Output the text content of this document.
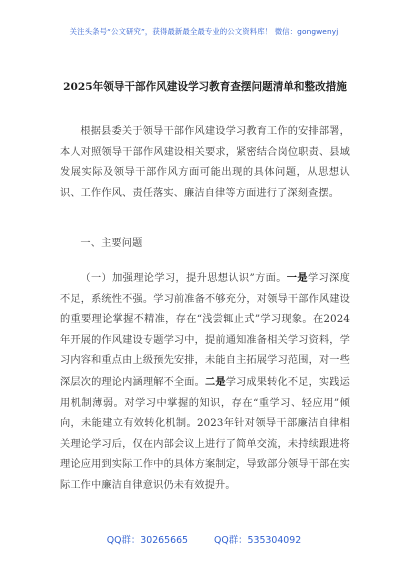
关注头条号“公文研究”，获得最新最全最专业的公文资料库！ 微信：gongwenyj
2025年领导干部作风建设学习教育查摆问题清单和整改措施
根据县委关于领导干部作风建设学习教育工作的安排部署，本人对照领导干部作风建设相关要求，紧密结合岗位职责、县域发展实际及领导干部作风方面可能出现的具体问题，从思想认识、工作作风、责任落实、廉洁自律等方面进行了深刻查摆。
一、主要问题
（一）加强理论学习，提升思想认识”方面。一是学习深度不足，系统性不强。学习前准备不够充分，对领导干部作风建设的重要理论掌握不精准，存在“浅尝辄止式”学习现象。在2024年开展的作风建设专题学习中，提前通知准备相关学习资料，学习内容和重点由上级预先安排，未能自主拓展学习范围，对一些深层次的理论内涵理解不全面。二是学习成果转化不足，实践运用机制薄弱。对学习中掌握的知识，存在“重学习、轻应用”倾向，未能建立有效转化机制。2023年针对领导干部廉洁自律相关理论学习后，仅在内部会议上进行了简单交流，未持续跟进将理论应用到实际工作中的具体方案制定，导致部分领导干部在实际工作中廉洁自律意识仍未有效提升。
QQ群：30265665	QQ群：535304092
